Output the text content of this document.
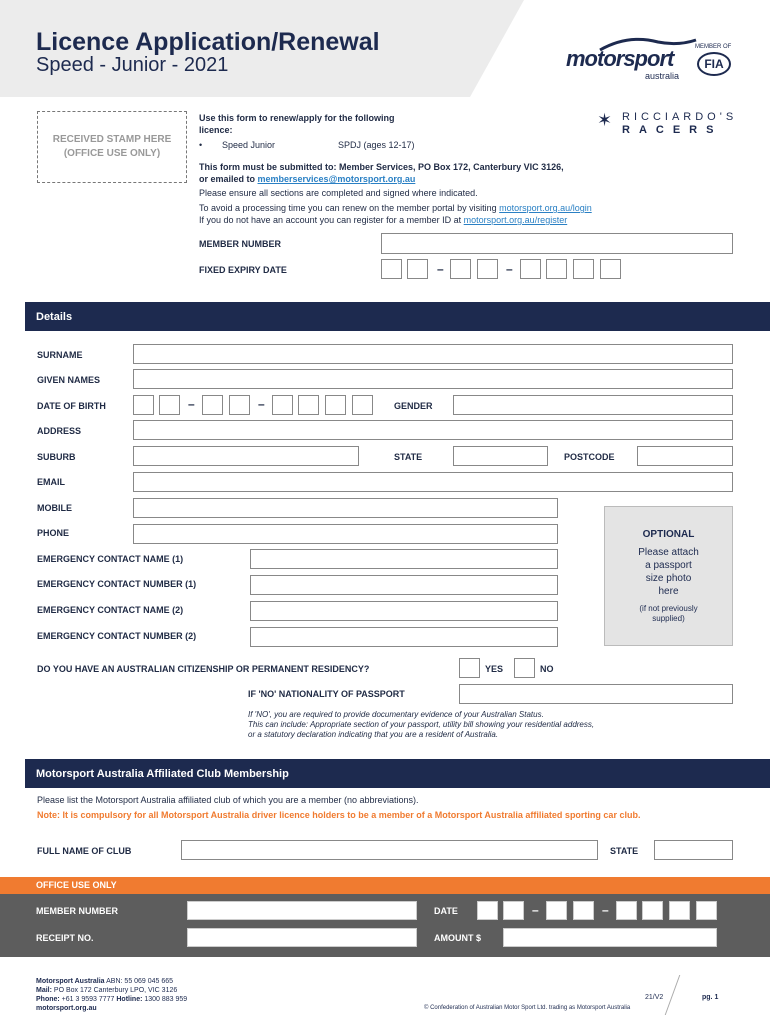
Licence Application/Renewal
Speed - Junior - 2021	motorsport
australia
MEMBER OF
FIA
RECEIVED STAMP HERE
(OFFICE USE ONLY)
✶ RICCIARDO'S
RACERS
Use this form to renew/apply for the following licence:
• Speed Junior	SPDJ (ages 12-17)
This form must be submitted to: Member Services, PO Box 172, Canterbury VIC 3126,
or emailed to memberservices@motorsport.org.au
Please ensure all sections are completed and signed where indicated.
To avoid a processing time you can renew on the member portal by visiting motorsport.org.au/login
If you do not have an account you can register for a member ID at motorsport.org.au/register
MEMBER NUMBER
FIXED EXPIRY DATE	–	–
Details
SURNAME
GIVEN NAMES
DATE OF BIRTH	–	–	GENDER
ADDRESS
SUBURB	STATE	POSTCODE
EMAIL
MOBILE
PHONE
EMERGENCY CONTACT NAME (1)
EMERGENCY CONTACT NUMBER (1)
EMERGENCY CONTACT NAME (2)
EMERGENCY CONTACT NUMBER (2)
OPTIONAL
Please attach
a passport
size photo
here
(if not previously
supplied)
DO YOU HAVE AN AUSTRALIAN CITIZENSHIP OR PERMANENT RESIDENCY?	YES	NO
IF 'NO' NATIONALITY OF PASSPORT
If 'NO', you are required to provide documentary evidence of your Australian Status.
This can include: Appropriate section of your passport, utility bill showing your residential address,
or a statutory declaration indicating that you are a resident of Australia.
Motorsport Australia Affiliated Club Membership
Please list the Motorsport Australia affiliated club of which you are a member (no abbreviations).
Note: It is compulsory for all Motorsport Australia driver licence holders to be a member of a Motorsport Australia affiliated sporting car club.
FULL NAME OF CLUB	STATE
OFFICE USE ONLY
MEMBER NUMBER	DATE	–	–
RECEIPT NO.	AMOUNT $
Motorsport Australia ABN: 55 069 045 665
Mail: PO Box 172 Canterbury LPO, VIC 3126
Phone: +61 3 9593 7777 Hotline: 1300 883 959
motorsport.org.au
21/V2	pg. 1
© Confederation of Australian Motor Sport Ltd. trading as Motorsport Australia
